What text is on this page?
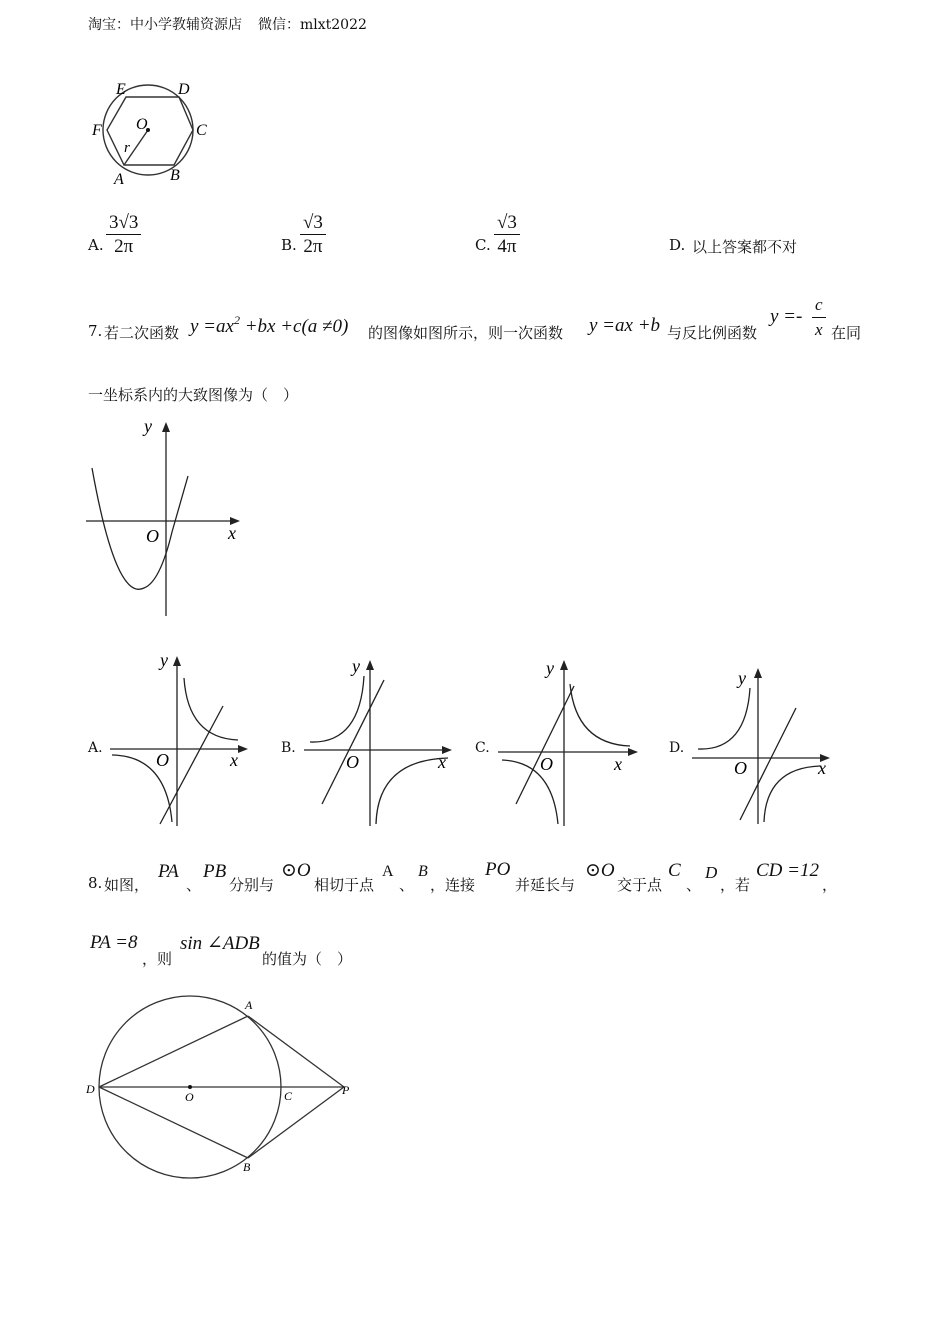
淘宝：中小学教辅资源店 微信：mlxt2022
E	D
F O	C
r
A	B
A. $\frac{3√3}{2\pi}$	B. $\frac{√3}{2\pi}$	C. $\frac{√3}{4\pi}$	D. 以上答案都不对
7. 若二次函数 $y =ax^2 +bx +c(a \ne 0)$ 的图像如图所示，则一次函数 y =ax +b 与反比例函数
y =-
c
x 在同
一坐标系内的大致图像为（　）
y
O	x
A.
y
O	x
B.
y
O	x
C.
y
O	x
D.
y
O	x
8. 如图，
PA
、
PB
分别与
⊙O
相切于点
A
、
B
，连接
PO
并延长与
⊙O
交于点
C
、
D
，若
CD =12
，
PA =8
，则
sin ∠ADB
的值为（　）
A
D
O	C	P
B
